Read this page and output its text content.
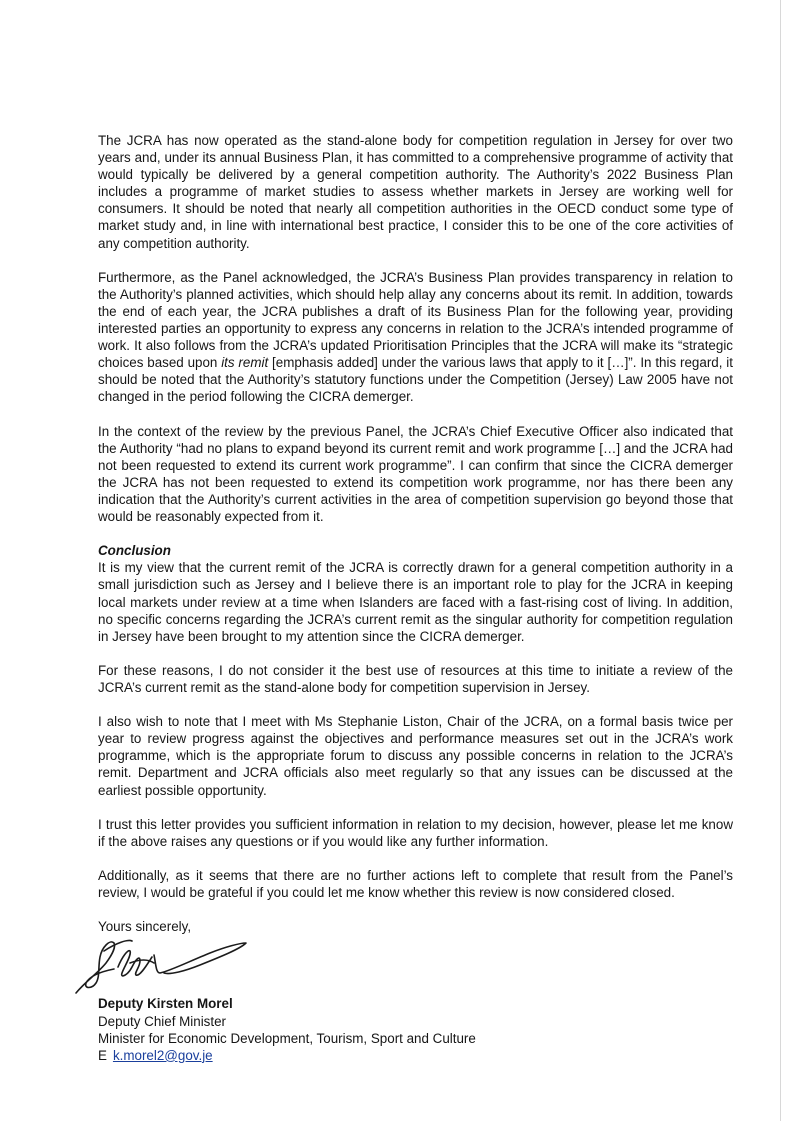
The JCRA has now operated as the stand-alone body for competition regulation in Jersey for over two years and, under its annual Business Plan, it has committed to a comprehensive programme of activity that would typically be delivered by a general competition authority. The Authority’s 2022 Business Plan includes a programme of market studies to assess whether markets in Jersey are working well for consumers. It should be noted that nearly all competition authorities in the OECD conduct some type of market study and, in line with international best practice, I consider this to be one of the core activities of any competition authority.

Furthermore, as the Panel acknowledged, the JCRA’s Business Plan provides transparency in relation to the Authority’s planned activities, which should help allay any concerns about its remit. In addition, towards the end of each year, the JCRA publishes a draft of its Business Plan for the following year, providing interested parties an opportunity to express any concerns in relation to the JCRA’s intended programme of work. It also follows from the JCRA’s updated Prioritisation Principles that the JCRA will make its “strategic choices based upon its remit [emphasis added] under the various laws that apply to it […]”. In this regard, it should be noted that the Authority’s statutory functions under the Competition (Jersey) Law 2005 have not changed in the period following the CICRA demerger.

In the context of the review by the previous Panel, the JCRA’s Chief Executive Officer also indicated that the Authority “had no plans to expand beyond its current remit and work programme […] and the JCRA had not been requested to extend its current work programme”. I can confirm that since the CICRA demerger the JCRA has not been requested to extend its competition work programme, nor has there been any indication that the Authority’s current activities in the area of competition supervision go beyond those that would be reasonably expected from it.

Conclusion

It is my view that the current remit of the JCRA is correctly drawn for a general competition authority in a small jurisdiction such as Jersey and I believe there is an important role to play for the JCRA in keeping local markets under review at a time when Islanders are faced with a fast-rising cost of living. In addition, no specific concerns regarding the JCRA’s current remit as the singular authority for competition regulation in Jersey have been brought to my attention since the CICRA demerger.

For these reasons, I do not consider it the best use of resources at this time to initiate a review of the JCRA’s current remit as the stand-alone body for competition supervision in Jersey.

I also wish to note that I meet with Ms Stephanie Liston, Chair of the JCRA, on a formal basis twice per year to review progress against the objectives and performance measures set out in the JCRA’s work programme, which is the appropriate forum to discuss any possible concerns in relation to the JCRA’s remit. Department and JCRA officials also meet regularly so that any issues can be discussed at the earliest possible opportunity.

I trust this letter provides you sufficient information in relation to my decision, however, please let me know if the above raises any questions or if you would like any further information.

Additionally, as it seems that there are no further actions left to complete that result from the Panel’s review, I would be grateful if you could let me know whether this review is now considered closed.

Yours sincerely,
Deputy Kirsten Morel
Deputy Chief Minister
Minister for Economic Development, Tourism, Sport and Culture
E k.morel2@gov.je
